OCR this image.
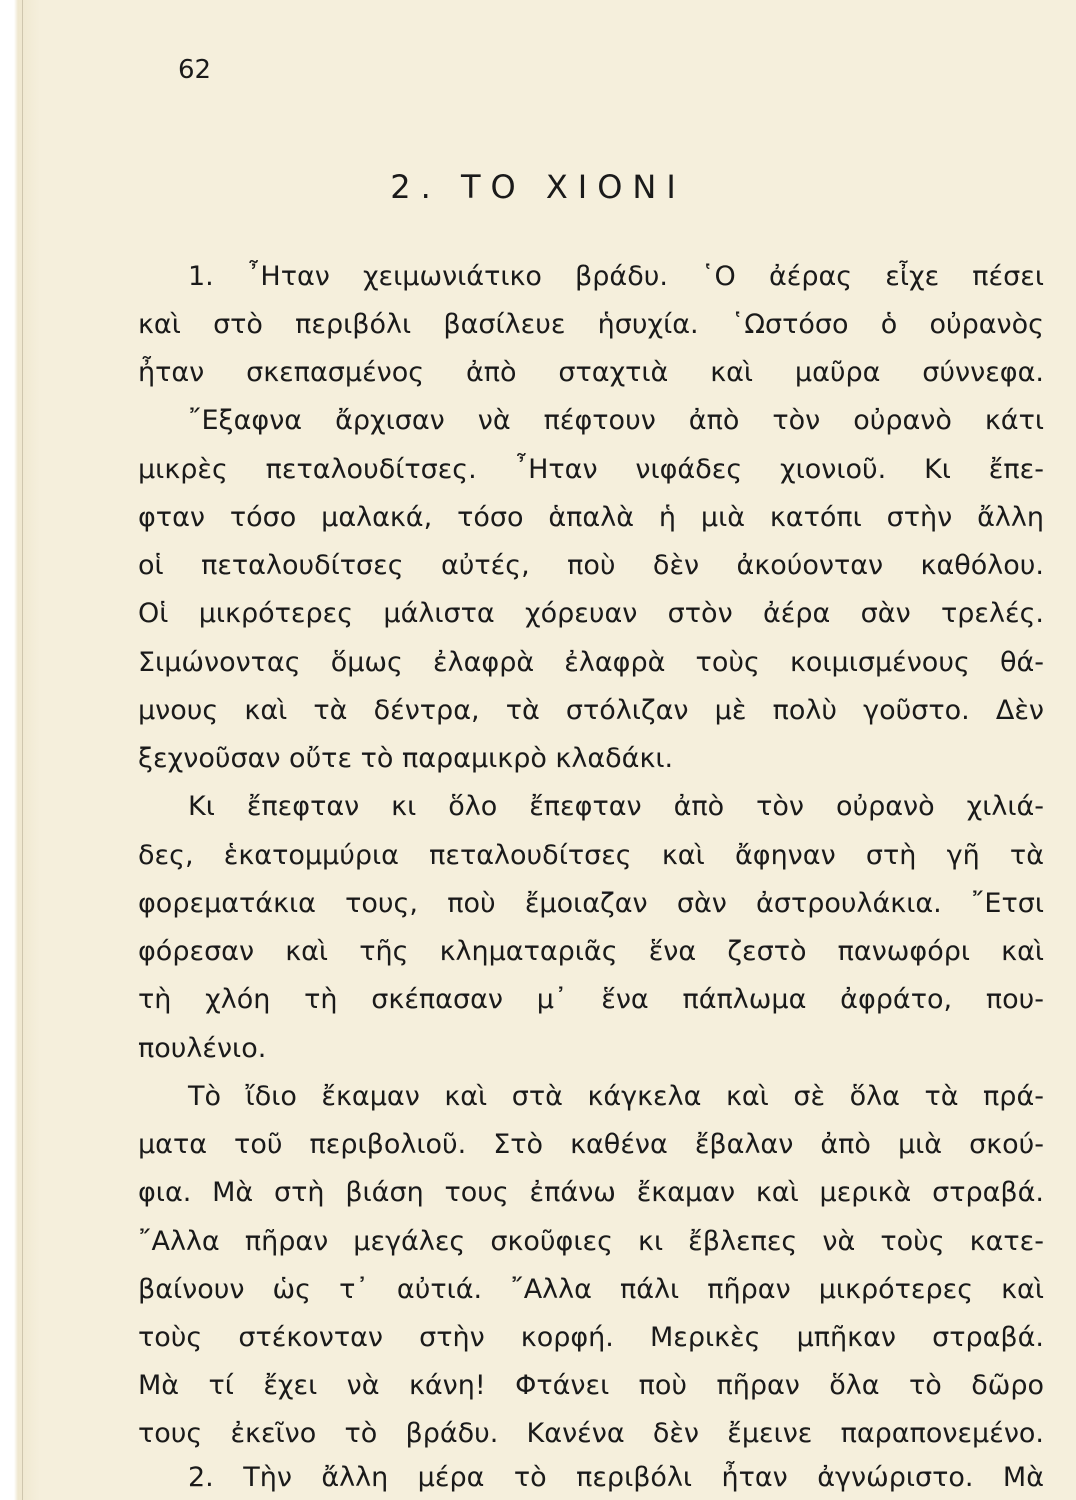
62
2. ΤΟ ΧΙΟΝΙ
1. ῏Ηταν χειμωνιάτικο βράδυ. ῾Ο ἀέρας εἶχε πέσει
καὶ στὸ περιβόλι βασίλευε ἡσυχία. ῾Ωστόσο ὁ οὐρανὸς
ἦταν σκεπασμένος ἀπὸ σταχτιὰ καὶ μαῦρα σύννεφα.
῎Εξαφνα ἄρχισαν νὰ πέφτουν ἀπὸ τὸν οὐρανὸ κάτι
μικρὲς πεταλουδίτσες. ῏Ηταν νιφάδες χιονιοῦ. Κι ἔπε-
φταν τόσο μαλακά, τόσο ἁπαλὰ ἡ μιὰ κατόπι στὴν ἄλλη
οἱ πεταλουδίτσες αὐτές, ποὺ δὲν ἀκούονταν καθόλου.
Οἱ μικρότερες μάλιστα χόρευαν στὸν ἀέρα σὰν τρελές.
Σιμώνοντας ὅμως ἐλαφρὰ ἐλαφρὰ τοὺς κοιμισμένους θά-
μνους καὶ τὰ δέντρα, τὰ στόλιζαν μὲ πολὺ γοῦστο. Δὲν
ξεχνοῦσαν οὔτε τὸ παραμικρὸ κλαδάκι.
Κι ἔπεφταν κι ὅλο ἔπεφταν ἀπὸ τὸν οὐρανὸ χιλιά-
δες, ἑκατομμύρια πεταλουδίτσες καὶ ἄφηναν στὴ γῆ τὰ
φορεματάκια τους, ποὺ ἔμοιαζαν σὰν ἀστρουλάκια. ῎Ετσι
φόρεσαν καὶ τῆς κληματαριᾶς ἕνα ζεστὸ πανωφόρι καὶ
τὴ χλόη τὴ σκέπασαν μ᾿ ἕνα πάπλωμα ἀφράτο, που-
πουλένιο.
Τὸ ἴδιο ἔκαμαν καὶ στὰ κάγκελα καὶ σὲ ὅλα τὰ πρά-
ματα τοῦ περιβολιοῦ. Στὸ καθένα ἔβαλαν ἀπὸ μιὰ σκού-
φια. Μὰ στὴ βιάση τους ἐπάνω ἔκαμαν καὶ μερικὰ στραβά.
῎Αλλα πῆραν μεγάλες σκοῦφιες κι ἔβλεπες νὰ τοὺς κατε-
βαίνουν ὡς τ᾿ αὐτιά. ῎Αλλα πάλι πῆραν μικρότερες καὶ
τοὺς στέκονταν στὴν κορφή. Μερικὲς μπῆκαν στραβά.
Μὰ τί ἔχει νὰ κάνη! Φτάνει ποὺ πῆραν ὅλα τὸ δῶρο
τους ἐκεῖνο τὸ βράδυ. Κανένα δὲν ἔμεινε παραπονεμένο.
2. Τὴν ἄλλη μέρα τὸ περιβόλι ἦταν ἀγνώριστο. Μὰ
